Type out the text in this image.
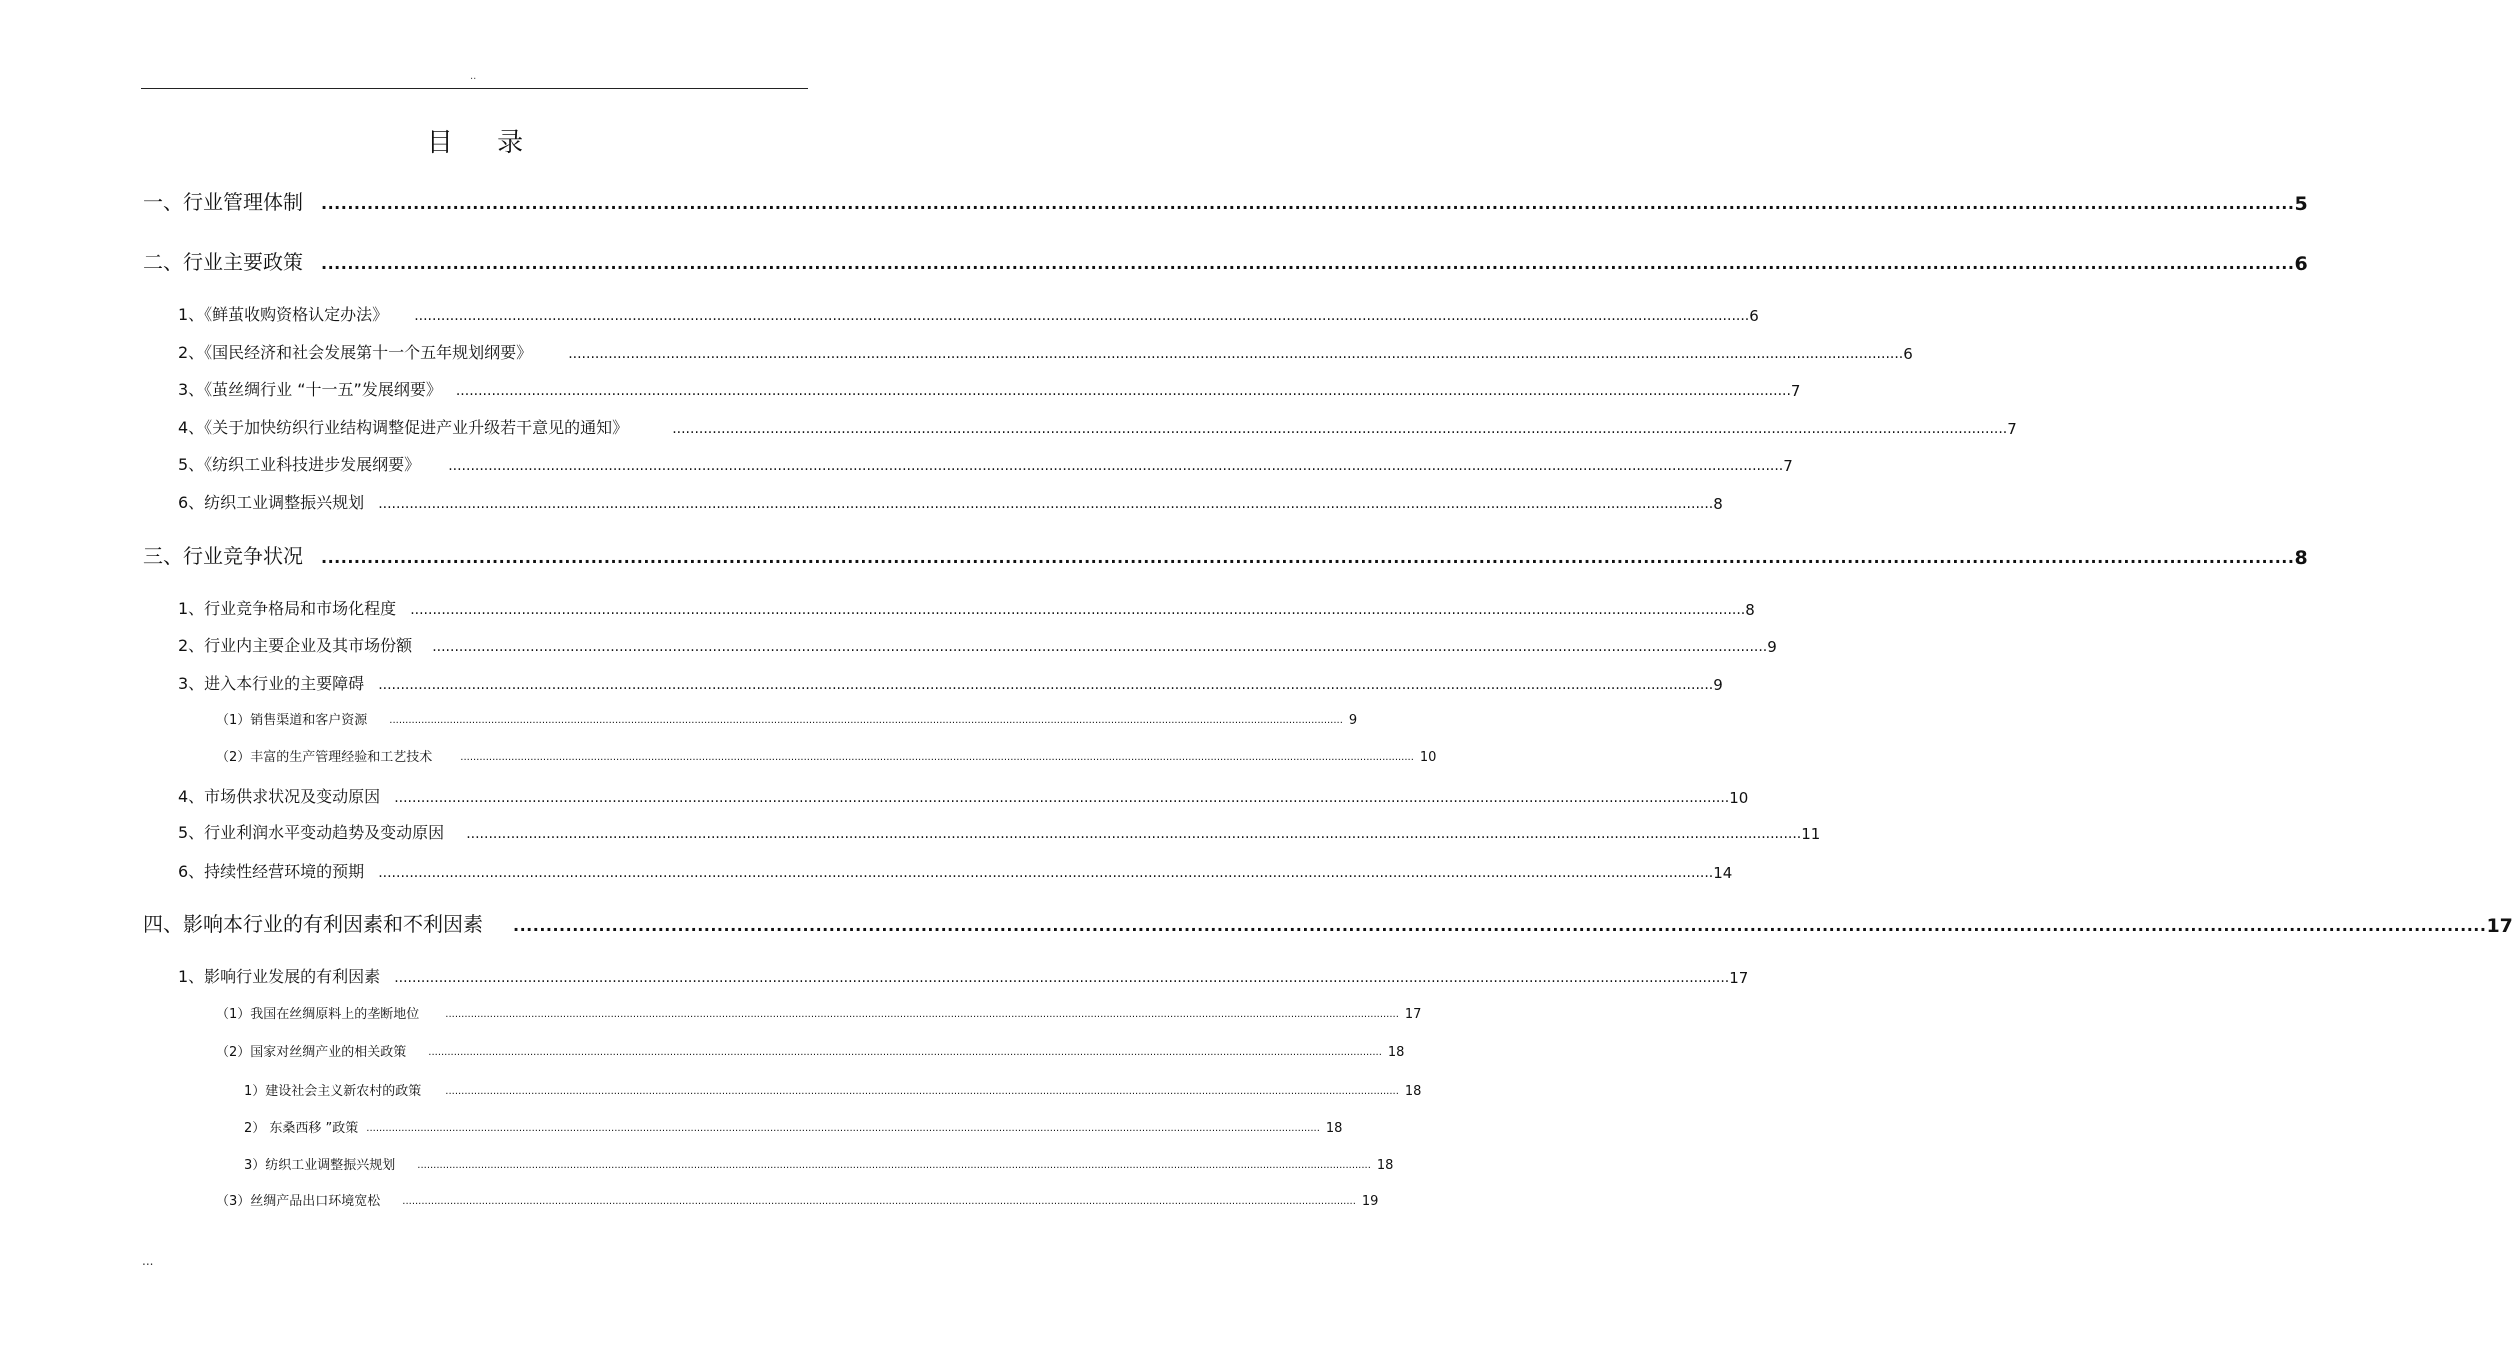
··
目 录
一、行业管理体制 ............................................................................................................................................................................................................................................................................................................ 5
二、行业主要政策 ............................................................................................................................................................................................................................................................................................................ 6
1、《鲜茧收购资格认定办法》 ............................................................................................................................................................................................................................................................................................................ 6
2、《国民经济和社会发展第十一个五年规划纲要》	............................................................................................................................................................................................................................................................................................................ 6
3、《茧丝绸行业 “十一五”发展纲要》 ............................................................................................................................................................................................................................................................................................................ 7
4、《关于加快纺织行业结构调整促进产业升级若干意见的通知》	............................................................................................................................................................................................................................................................................................................ 7
5、《纺织工业科技进步发展纲要》 ............................................................................................................................................................................................................................................................................................................ 7
6、纺织工业调整振兴规划 ............................................................................................................................................................................................................................................................................................................ 8
三、行业竞争状况 ............................................................................................................................................................................................................................................................................................................ 8
1、行业竞争格局和市场化程度 ............................................................................................................................................................................................................................................................................................................ 8
2、行业内主要企业及其市场份额 ............................................................................................................................................................................................................................................................................................................ 9
3、进入本行业的主要障碍 ............................................................................................................................................................................................................................................................................................................ 9
（1）销售渠道和客户资源 ............................................................................................................................................................................................................................................................................................................ 9
（2）丰富的生产管理经验和工艺技术	............................................................................................................................................................................................................................................................................................................ 10
4、市场供求状况及变动原因 ............................................................................................................................................................................................................................................................................................................ 10
5、行业利润水平变动趋势及变动原因 ............................................................................................................................................................................................................................................................................................................ 11
6、持续性经营环境的预期 ............................................................................................................................................................................................................................................................................................................ 14
四、影响本行业的有利因素和不利因素 ............................................................................................................................................................................................................................................................................................................ 17
1、影响行业发展的有利因素 ............................................................................................................................................................................................................................................................................................................ 17
（1）我国在丝绸原料上的垄断地位	............................................................................................................................................................................................................................................................................................................ 17
（2）国家对丝绸产业的相关政策 ............................................................................................................................................................................................................................................................................................................ 18
1）建设社会主义新农村的政策 ............................................................................................................................................................................................................................................................................................................ 18
2） 东桑西移 ”政策 ............................................................................................................................................................................................................................................................................................................ 18
3）纺织工业调整振兴规划 ............................................................................................................................................................................................................................................................................................................ 18
（3）丝绸产品出口环境宽松 ............................................................................................................................................................................................................................................................................................................ 19
...
